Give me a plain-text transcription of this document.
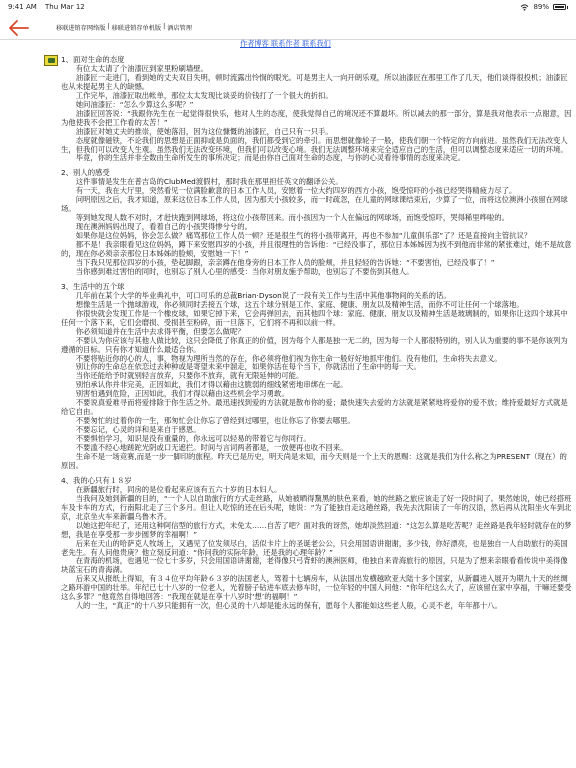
9:41 AM Thu Mar 12	89%
移联进销存网络版 | 移联进销存单机版 | 酒店管理
作者博客 联系作者 联系我们

1、面对生命的态度

有位太太请了个油漆匠到家里粉刷墙壁。

油漆匠一走进门，看到她的丈夫双目失明，顿时流露出怜悯的眼光。可是男主人一向开朗乐观，所以油漆匠在那里工作了几天，他们谈得很投机；油漆匠也从未提起男主人的缺憾。

工作完毕，油漆匠取出帐单，那位太太发现比谈妥的价钱打了一个很大的折扣。

她问油漆匠：“怎么少算这么多呢？”

油漆匠回答说：“我跟你先生在一起觉得很快乐，他对人生的态度，使我觉得自己的境况还不算最坏。所以减去的那一部分，算是我对他表示一点谢意，因为他使我不会把工作看的太苦！”

油漆匠对她丈夫的推崇，使她落泪，因为这位慷慨的油漆匠，自己只有一只手。

态度就像磁铁，不论我们的思想是正面抑或是负面的，我们都受到它的牵引。而思想就像轮子一般，使我们朝一个特定的方向前进。虽然我们无法改变人生，但我们可以改变人生观。虽然我们无法改变环境，但我们可以改变心境。我们无法调整环境来完全适应自己的生活，但可以调整态度来适应一切的环境。

毕竟，你的生活并非全数由生命所发生的事所决定；而是由你自己面对生命的态度，与你的心灵看待事情的态度来决定。

2、别人的感受

这件事情是发生在普吉岛的ClubMed渡假村，那时我在那里担任英文的翻译公关。

有一天，我在大厅里，突然看见一位满脸歉意的日本工作人员，安慰着一位大约四岁的西方小孩，饱受惊吓的小孩已经哭得精疲力尽了。

问明原因之后，我才知道，原来这位日本工作人员，因为那天小孩较多，而一时疏忽，在儿童的网球课结束后，少算了一位，而将这位澳洲小孩留在网球场。

等到她发现人数不对时，才赶快跑到网球场，将这位小孩带回来。而小孩因为一个人在偏远的网球场，而饱受惊吓，哭得稀里哗啦的。

现在澳洲妈妈出现了，看着自己的小孩哭得惨兮兮的。

如果你是这位妈妈，你会怎么做？痛骂那位工作人员一顿？还是很生气的将小孩带离开，再也不参加“儿童俱乐部”了？还是直接向主管抗议？

都不是！我亲眼看见这位妈妈，蹲下来安慰四岁的小孩，并且很理性的告诉他：“已经没事了，那位日本姊姊因为找不到他而非常的紧张难过，她不是故意的，现在你必须亲亲那位日本姊姊的脸颊，安慰她一下！”

当下我只见那位四岁的小孩，垫起脚跟，亲亲蹲在他身旁的日本工作人员的脸颊，并且轻轻的告诉她：“不要害怕，已经没事了！”

当你感到难过害怕的同时，也别忘了别人心里的感受：当你对朋友施予帮助，也别忘了不要伤到其他人。

3、生活中的五个球

几年前在某个大学的毕业典礼中，可口可乐的总裁Brian·Dyson说了一段有关工作与生活中其他事物间的关系的话。

想像生活是一个抛球游戏，你必须同时丢接五个球，这五个球分别是工作、家庭、健康、朋友以及精神生活，而你不可让任何一个球落地。

你很快就会发现工作是一个橡皮球，如果它掉下来，它会再弹回去，而其他四个球：家庭、健康、朋友以及精神生活是玻璃制的，如果你让这四个球其中任何一个落下来，它们会磨损、受损甚至粉碎，而一旦落下，它们将不再和以前一样。

你必须知道并在生活中去求得平衡，但要怎么做呢？

不要认为你应该与其他人做比较，这只会降低了你真正的价值，因为每个人都是独一无二的，因为每一个人都很特别的，别人认为重要的事不是你该列为遵循的目标。只有你才知道什么最适合你。

不要将贴近你的心的人，事，物视为理所当然的存在，你必须将他们视为你生命一般好好地抓牢他们。没有他们，生命将失去意义。

别让你的生命总在依恋过去种种或是寄望未来中溜走，如果你活在每个当下，你就活出了生命中的每一天。

当你还能给予时就别轻言放弃，只要你不放弃，就有无限延伸的可能。

别怕承认你并非完美，正因如此，我们才得以藉由这脆弱的细线紧密地串绑在一起。

别害怕遇到危险，正因如此，我们才得以藉由这些机会学习勇敢。

不要说真爱难寻而将爱排除于你生活之外。最迅速找到爱的方法就是散布你的爱；最快速失去爱的方法就是紧紧地将爱你的爱不放；维持爱最好方式就是给它自由。

不要匆忙的过着你的一生，那匆忙会让你忘了曾经到过哪里，也让你忘了你要去哪里。

不要忘记，心灵的详和是来自于感恩。

不要惧怕学习，知识是没有重量的，你永远可以轻易的带着它与你同行。

不要滥不经心地蹉跎光阴或口无遮拦。时间与言词两者都是，一放便再也收不回来。

生命不是一场竞赛,而是一步一脚印的旅程。昨天已是历史，明天尚是未知，而今天则是一个上天的恩赐：这就是我们为什么称之为PRESENT（现在）的原因。

4、我的心只有１８岁

在新疆旅行时，同房的是位看起来应该有五六十岁的日本妇人。

当我问及她到新疆的目的，“一个人以自助旅行的方式走丝路，从她被晒得黧黑的肤色来看，她的丝路之旅应该走了好一段时间了。果然她说，她已经搭班车及卡车的方式，行南阳北走了三个多月。但让人吃惊的还在后头呢，她说：“为了能独自走这趟丝路，我先去沈阳读了一年的汉语，然后再从沈阳坐火车到北京，北京坐火车来新疆乌鲁木齐。

以她这把年纪了，还用这种阿信型的旅行方式，未免太……自苦了吧？面对我的讶然，她却淡然回道：“这怎么算是吃苦呢？走丝路是我年轻时就存在的梦想，我是在享受那一步步圆梦的幸福啊！”

后来在天山的哈萨克人牧场上，又遇见了位发须尽白，活似卡片上的圣诞老公公，只会用国语讲谢谢，多少钱，你好漂亮，也是独自一人自助旅行的美国老先生。有人问他贵庚？他立刻反问道：“你问我的实际年龄，还是我的心理年龄？”

在青海的机场，也遇见一位七十多岁，只会用国语讲谢谢，老得像只弓背虾的澳洲医师，他独自来青海旅行的原因，只是为了想来亲眼看看传说中美得像块蓝宝石的青海湖。

后来又从报纸上得知，有３４位平均年龄６３岁的法国老人，驾着十七辆房车，从法国出发横越欧亚大陆十多个国家，从新疆进入展开为期九十天的丝绸之路环游中国的壮举。年纪已七十八岁的一位老人，光着膀子钻进车底去修车时，一位年轻的中国人问他：“你年纪这么大了，应该留在家中享福，干嘛还要受这么多罪？”他竟然自得地回答：“我现在就是在享十八岁时‘想’的福啊！”

人的一生，“真正”的十八岁只能拥有一次，但心灵的十八却是能永远的保有，愿每个人都能如这些老人般，心灵不老，年年都十八。
